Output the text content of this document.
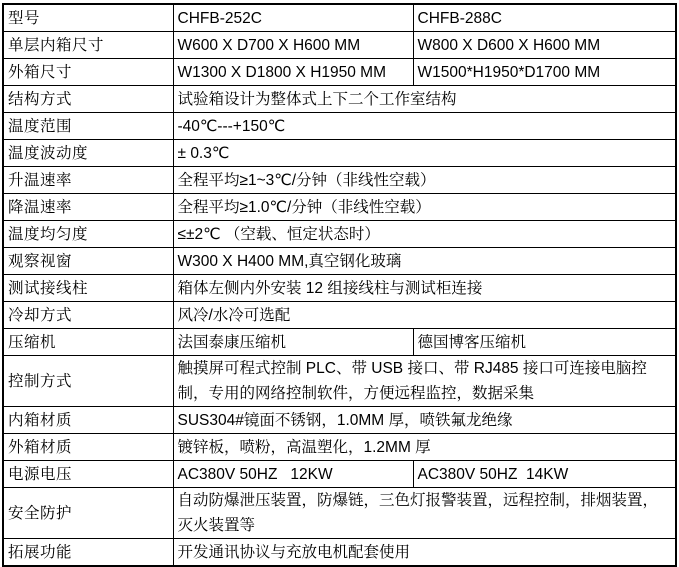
型号	CHFB-252C	CHFB-288C
单层内箱尺寸	W600 X D700 X H600 MM	W800 X D600 X H600 MM
外箱尺寸	W1300 X D1800 X H1950 MM	W1500*H1950*D1700 MM
结构方式	试验箱设计为整体式上下二个工作室结构	
温度范围	-40℃---+150℃	
温度波动度	± 0.3℃	
升温速率	全程平均≥1~3℃/分钟（非线性空载）	
降温速率	全程平均≥1.0℃/分钟（非线性空载）	
温度均匀度	≤±2℃ （空载、恒定状态时）	
观察视窗	W300 X H400 MM,真空钢化玻璃	
测试接线柱	箱体左侧内外安装 12 组接线柱与测试柜连接	
冷却方式	风冷/水冷可选配	
压缩机	法国泰康压缩机	德国博客压缩机
控制方式	触摸屏可程式控制 PLC、带 USB 接口、带 RJ485 接口可连接电脑控制，专用的网络控制软件，方便远程监控，数据采集	
内箱材质	SUS304#镜面不锈钢，1.0MM 厚，喷铁氟龙绝缘	
外箱材质	镀锌板，喷粉，高温塑化，1.2MM 厚	
电源电压	AC380V 50HZ   12KW	AC380V 50HZ  14KW
安全防护	自动防爆泄压装置，防爆链，三色灯报警装置，远程控制，排烟装置，灭火装置等	
拓展功能	开发通讯协议与充放电机配套使用	
